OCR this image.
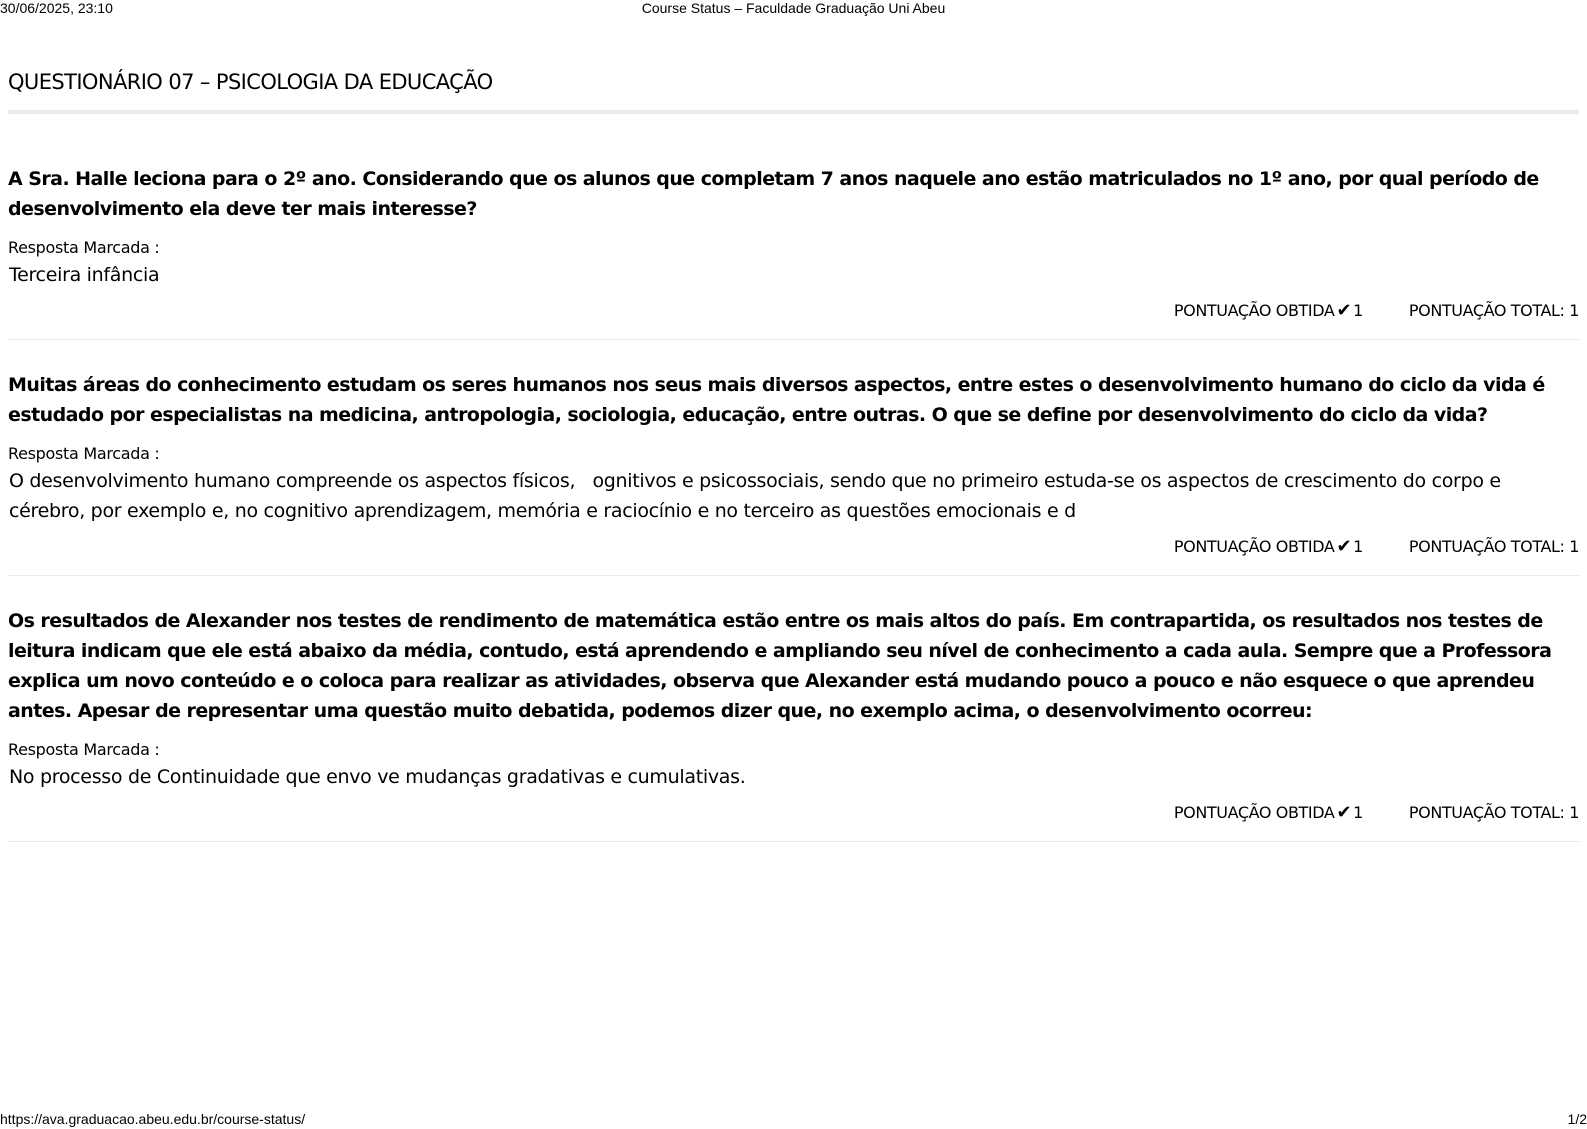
30/06/2025, 23:10	Course Status – Faculdade Graduação Uni Abeu
QUESTIONÁRIO 07 – PSICOLOGIA DA EDUCAÇÃO

A Sra. Halle leciona para o 2º ano. Considerando que os alunos que completam 7 anos naquele ano estão matriculados no 1º ano, por qual período de desenvolvimento ela deve ter mais interesse?

Resposta Marcada :
Terceira infância
PONTUAÇÃO OBTIDA ✔ 1	PONTUAÇÃO TOTAL: 1

Muitas áreas do conhecimento estudam os seres humanos nos seus mais diversos aspectos, entre estes o desenvolvimento humano do ciclo da vida é estudado por especialistas na medicina, antropologia, sociologia, educação, entre outras. O que se define por desenvolvimento do ciclo da vida?

Resposta Marcada :
O desenvolvimento humano compreende os aspectos físicos,   ognitivos e psicossociais, sendo que no primeiro estuda-se os aspectos de crescimento do corpo e cérebro, por exemplo e, no cognitivo aprendizagem, memória e raciocínio e no terceiro as questões emocionais e d
PONTUAÇÃO OBTIDA ✔ 1	PONTUAÇÃO TOTAL: 1

Os resultados de Alexander nos testes de rendimento de matemática estão entre os mais altos do país. Em contrapartida, os resultados nos testes de leitura indicam que ele está abaixo da média, contudo, está aprendendo e ampliando seu nível de conhecimento a cada aula. Sempre que a Professora explica um novo conteúdo e o coloca para realizar as atividades, observa que Alexander está mudando pouco a pouco e não esquece o que aprendeu antes. Apesar de representar uma questão muito debatida, podemos dizer que, no exemplo acima, o desenvolvimento ocorreu:

Resposta Marcada :
No processo de Continuidade que envo ve mudanças gradativas e cumulativas.
PONTUAÇÃO OBTIDA ✔ 1	PONTUAÇÃO TOTAL: 1
https://ava.graduacao.abeu.edu.br/course-status/	1/2
